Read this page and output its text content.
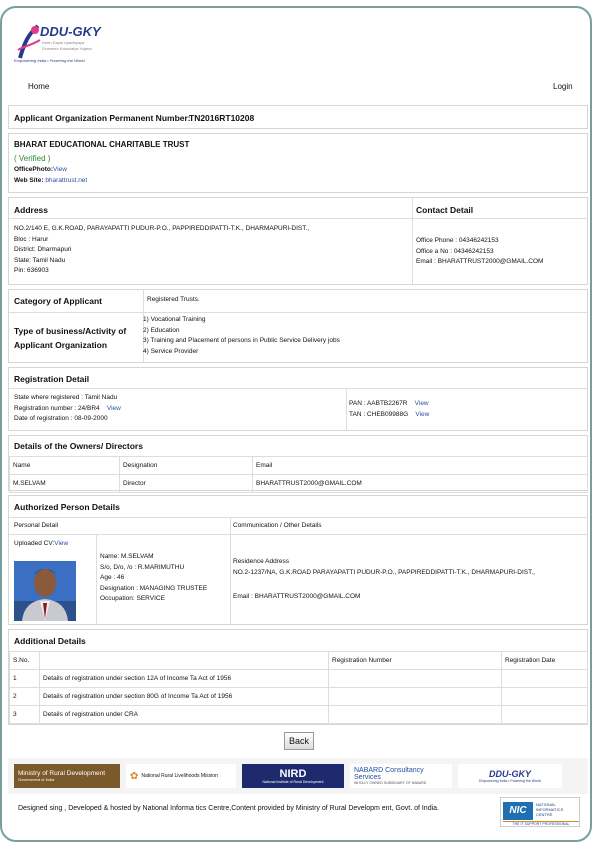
DDU-GKY
Deen Dayal Upadhyaya
Grameen Kaushalya Yojana
Empowering India • Powering the World
Home	Login
Applicant Organization Permanent Number:
TN2016RT10208
BHARAT EDUCATIONAL CHARITABLE TRUST
( Verified )
OfficePhoto:View
Web Site: bharattrust.net
Address	Contact Detail
NO.2/140 E, G.K.ROAD, PARAYAPATTI PUDUR-P.O., PAPPIREDDIPATTI-T.K., DHARMAPURI-DIST.,
Bloc : Harur
District: Dharmapuri
State: Tamil Nadu
Pin: 636903
Office Phone : 04346242153
Office a No : 04346242153
Email : BHARATTRUST2000@GMAIL.COM
Category of Applicant	Registered Trusts.
Type of business/Activity of
Applicant Organization
1) Vocational Training
2) Education
3) Training and Placement of persons in Public Service Delivery jobs
4) Service Provider
Registration Detail
State where registered : Tamil Nadu
Registration number : 24/BR4 View
Date of registration : 08-09-2000
PAN : AABTB2267R View
TAN : CHEB09988G View
Details of the Owners/ Directors
Name	Designation	Email
M.SELVAM	Director	BHARATTRUST2000@GMAIL.COM
Authorized Person Details
Personal Detail	Communication / Other Details
Uploaded CV:View
Name: M.SELVAM
S/o, D/o, /o : R.MARIMUTHU
Age : 46
Designation : MANAGING TRUSTEE
Occupation: SERVICE
Residence Address
NO.2-1237/NA, G.K.ROAD PARAYAPATTI PUDUR-P.O., PAPPIREDDIPATTI-T.K., DHARMAPURI-DIST.,
Email : BHARATTRUST2000@GMAIL.COM
Additional Details
S.No.		Registration Number	Registration Date
1	Details of registration under section 12A of Income Ta Act of 1956		
2	Details of registration under section 80G of Income Ta Act of 1956		
3	Details of registration under CRA		
Back
Ministry of Rural Development
Government of India	✿ National Rural Livelihoods Mission	NIRD
National Institute of Rural Development
NABARD Consultancy Services
WHOLLY OWNED SUBSIDIARY OF NABARD
DDU-GKY
Empowering India • Powering the World
Designed sing , Developed & hosted by National Informa tics Centre,Content provided by Ministry of Rural Developm ent, Govt. of India.	NIC
NATIONAL INFORMATICS CENTRE
THE IT SUPPORT PROFESSIONAL
